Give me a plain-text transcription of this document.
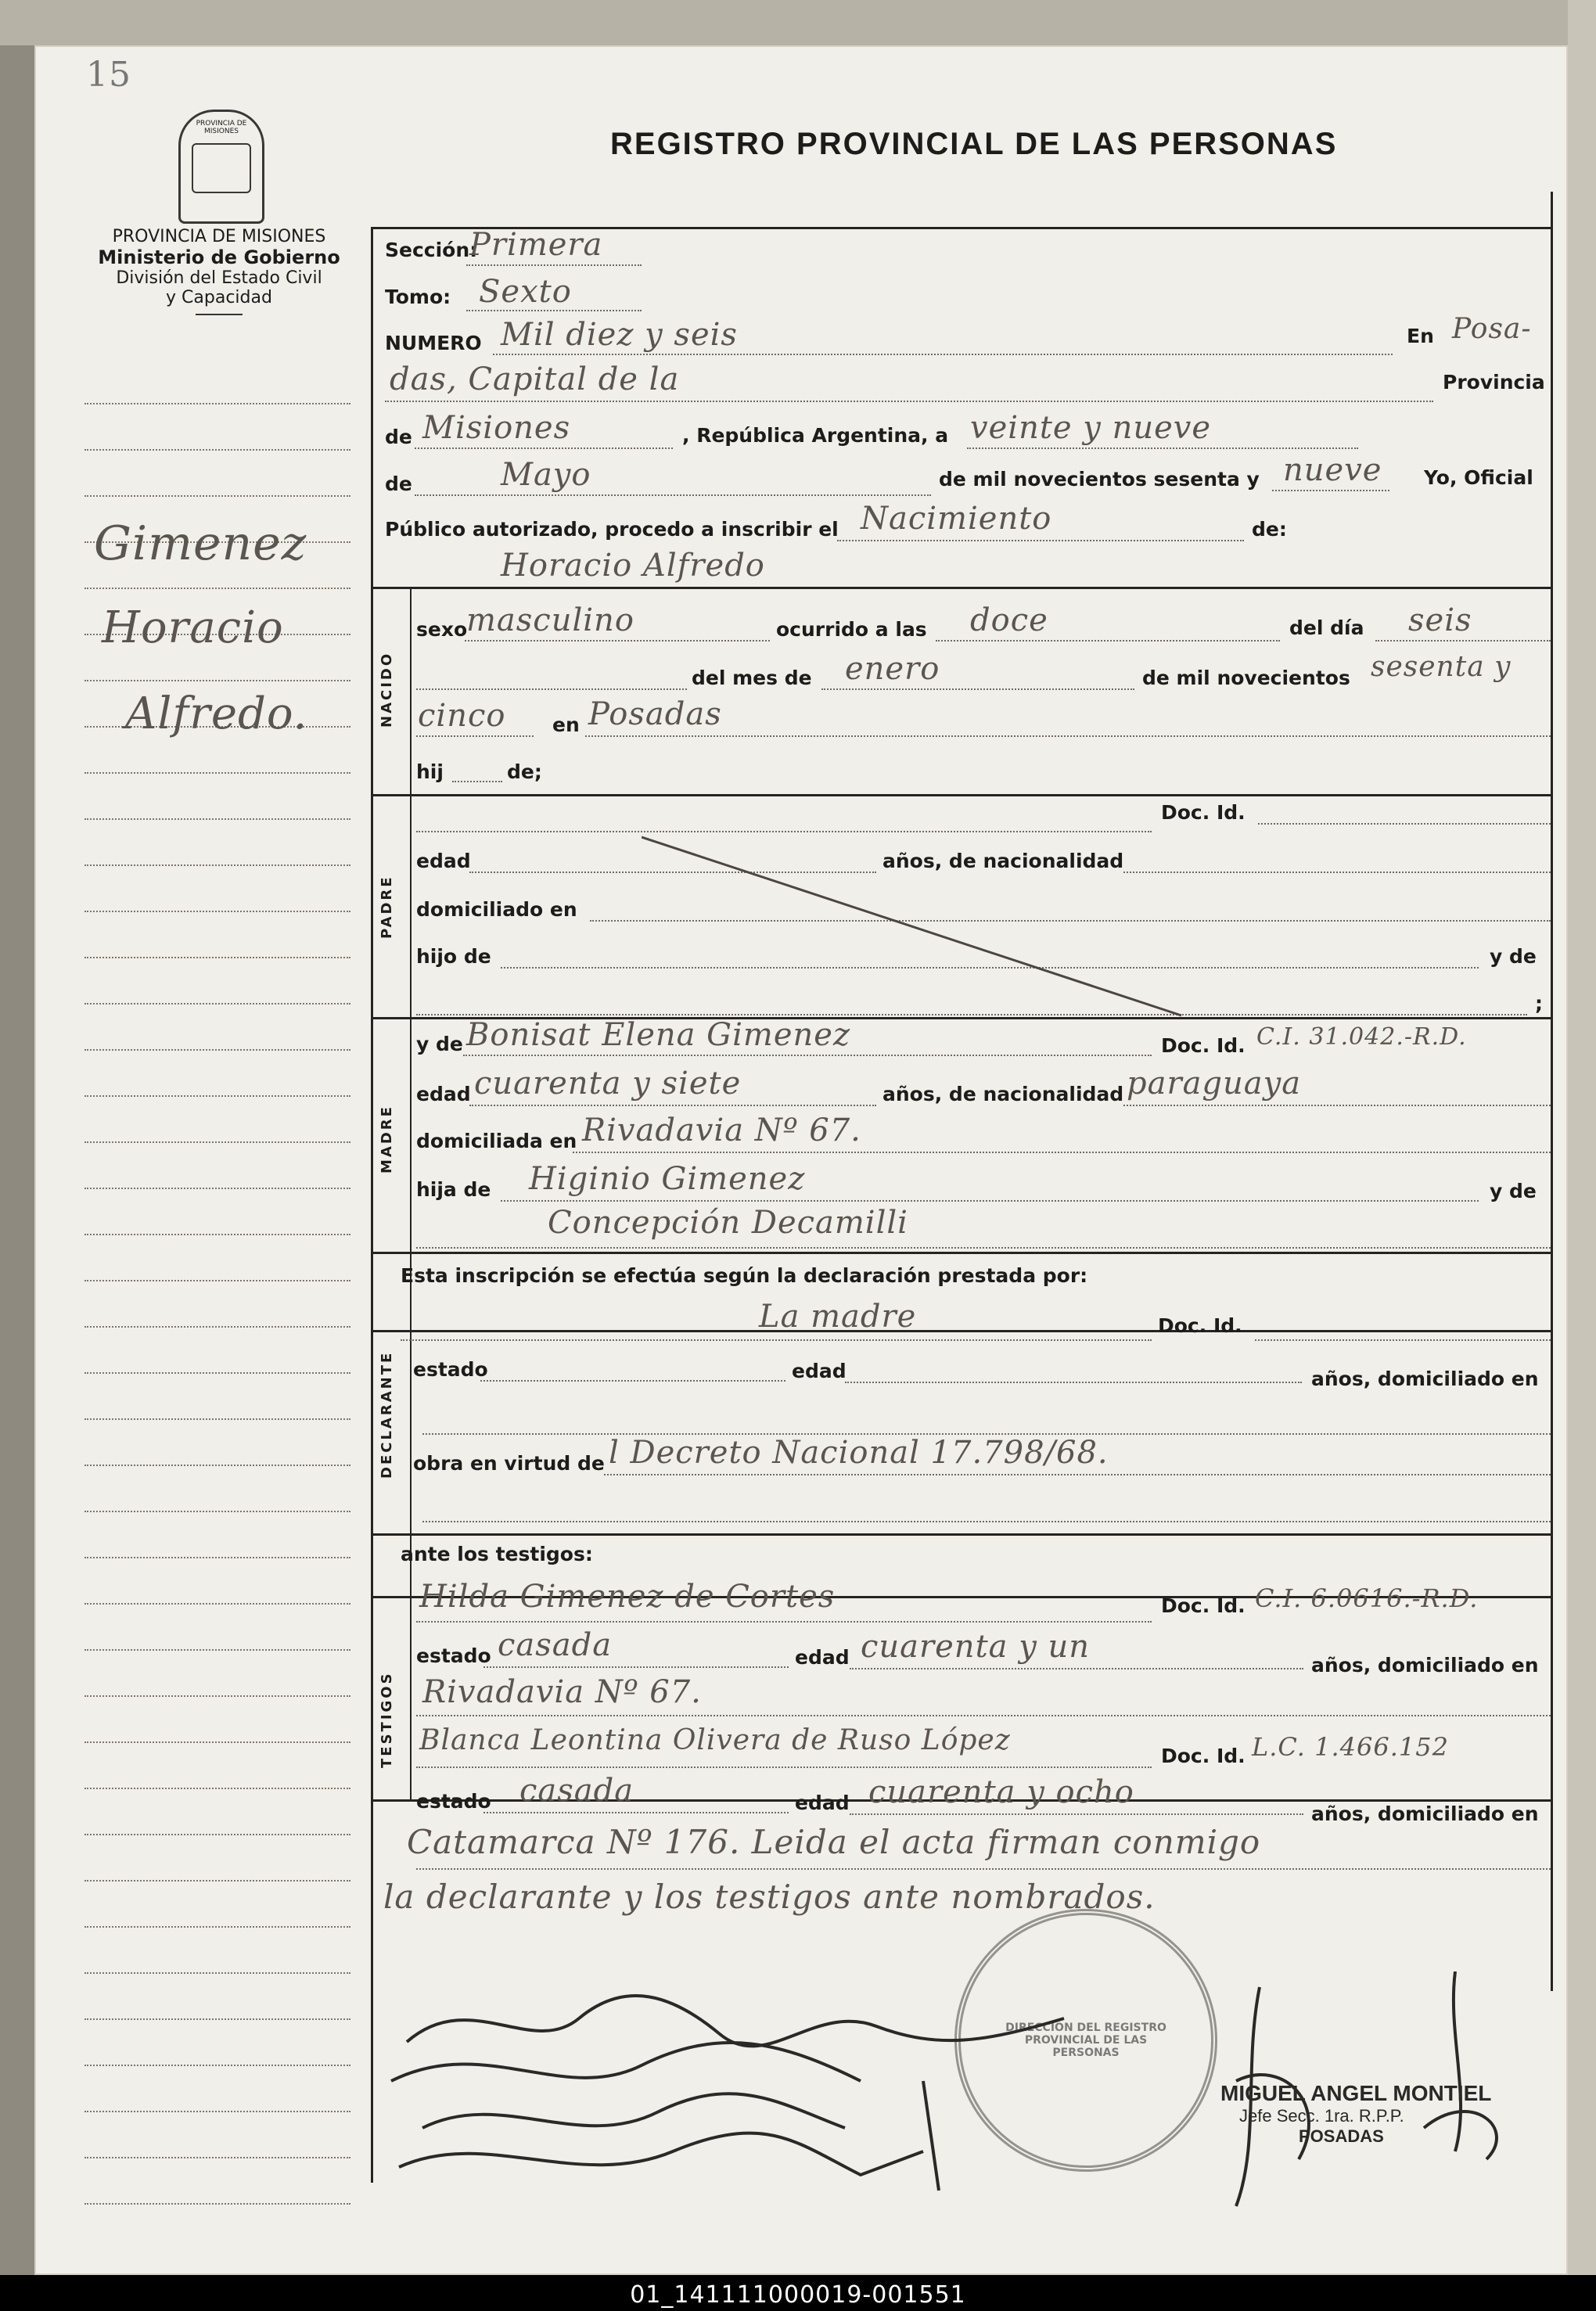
15
PROVINCIA DE MISIONES	REGISTRO PROVINCIAL DE LAS PERSONAS
PROVINCIA DE MISIONES
Ministerio de Gobierno
División del Estado Civil
y Capacidad
Gimenez
Horacio
Alfredo.	NACIDO
PADRE
MADRE
DECLARANTE
TESTIGOS
Sección:
Primera
Tomo: Sexto
NUMERO Mil diez y seis	En Posa-
das, Capital de la	Provincia
de Misiones	, República Argentina, a veinte y nueve
de	Mayo	de mil novecientos sesenta y nueve Yo, Oficial
Público autorizado, procedo a inscribir el Nacimiento	de:
Horacio Alfredo
sexo
masculino	ocurrido a las doce	del día seis
del mes de enero	de mil novecientos sesenta y
cinco en Posadas
hij	de;
Doc. Id.
edad	años, de nacionalidad
domiciliado en
hijo de	y de
;
y de Bonisat Elena Gimenez	Doc. Id. C.I. 31.042.-R.D.
edad cuarenta y siete	años, de nacionalidad paraguaya
domiciliada en Rivadavia Nº 67.
hija de Higinio Gimenez	y de
Concepción Decamilli
Esta inscripción se efectúa según la declaración prestada por:
La madre	Doc. Id.
estado	edad	años, domiciliado en
obra en virtud de l Decreto Nacional 17.798/68.
ante los testigos:
Hilda Gimenez de Cortes	Doc. Id. C.I. 6.0616.-R.D.
estado casada	edad cuarenta y un
años, domiciliado en
Rivadavia Nº 67.
Blanca Leontina Olivera de Ruso López	Doc. Id. L.C. 1.466.152
estado casada	edad cuarenta y ocho
años, domiciliado en
Catamarca Nº 176. Leida el acta firman conmigo
la declarante y los testigos ante nombrados.
DIRECCION DEL REGISTRO PROVINCIAL DE LAS PERSONAS
MIGUEL ANGEL MONTIEL
Jefe Secc. 1ra. R.P.P.
POSADAS
01_141111000019-001551
